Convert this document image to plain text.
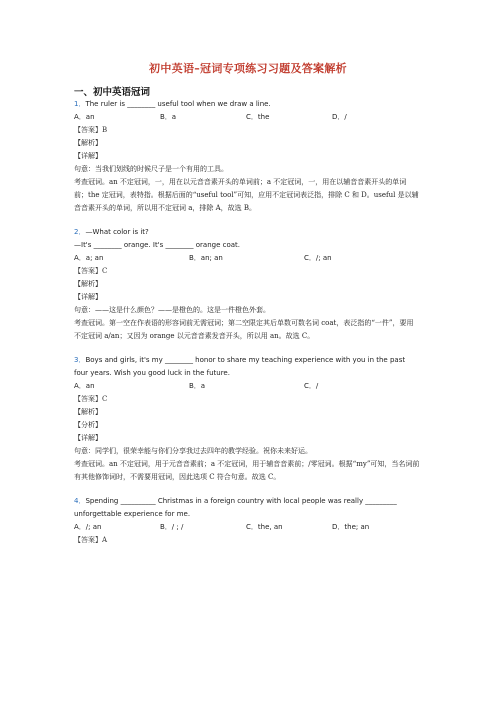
初中英语–冠词专项练习习题及答案解析
一、初中英语冠词
1．The ruler is ________ useful tool when we draw a line.
A．an	B．a	C．the	D．/
【答案】B
【解析】
【详解】
句意：当我们划线的时候尺子是一个有用的工具。
考查冠词。an 不定冠词，一，用在以元音音素开头的单词前；a 不定冠词，一，用在以辅音音素开头的单词前；the 定冠词，表特指。根据后面的“useful tool”可知，应用不定冠词表泛指，排除 C 和 D。useful 是以辅音音素开头的单词，所以用不定冠词 a，排除 A，故选 B。
2．—What color is it?
—It's ________ orange. It's ________ orange coat.
A．a; an	B．an; an	C．/; an
【答案】C
【解析】
【详解】
句意：——这是什么颜色？——是橙色的。这是一件橙色外套。
考查冠词。第一空在作表语的形容词前无需冠词；第二空限定其后单数可数名词 coat，表泛指的“一件”，要用不定冠词 a/an；又因为 orange 以元音音素发音开头，所以用 an。故选 C。
3．Boys and girls, it's my ________ honor to share my teaching experience with you in the past four years. Wish you good luck in the future.
A．an	B．a	C．/
【答案】C
【解析】
【分析】
【详解】
句意：同学们，很荣幸能与你们分享我过去四年的教学经验。祝你未来好运。
考查冠词。an 不定冠词，用于元音音素前；a 不定冠词，用于辅音音素前；/零冠词。根据“my”可知，当名词前有其他修饰词时，不需要用冠词，因此选项 C 符合句意。故选 C。
4．Spending __________ Christmas in a foreign country with local people was really _________ unforgettable experience for me.
A．/; an	B．/ ; /	C．the, an	D．the; an
【答案】A
